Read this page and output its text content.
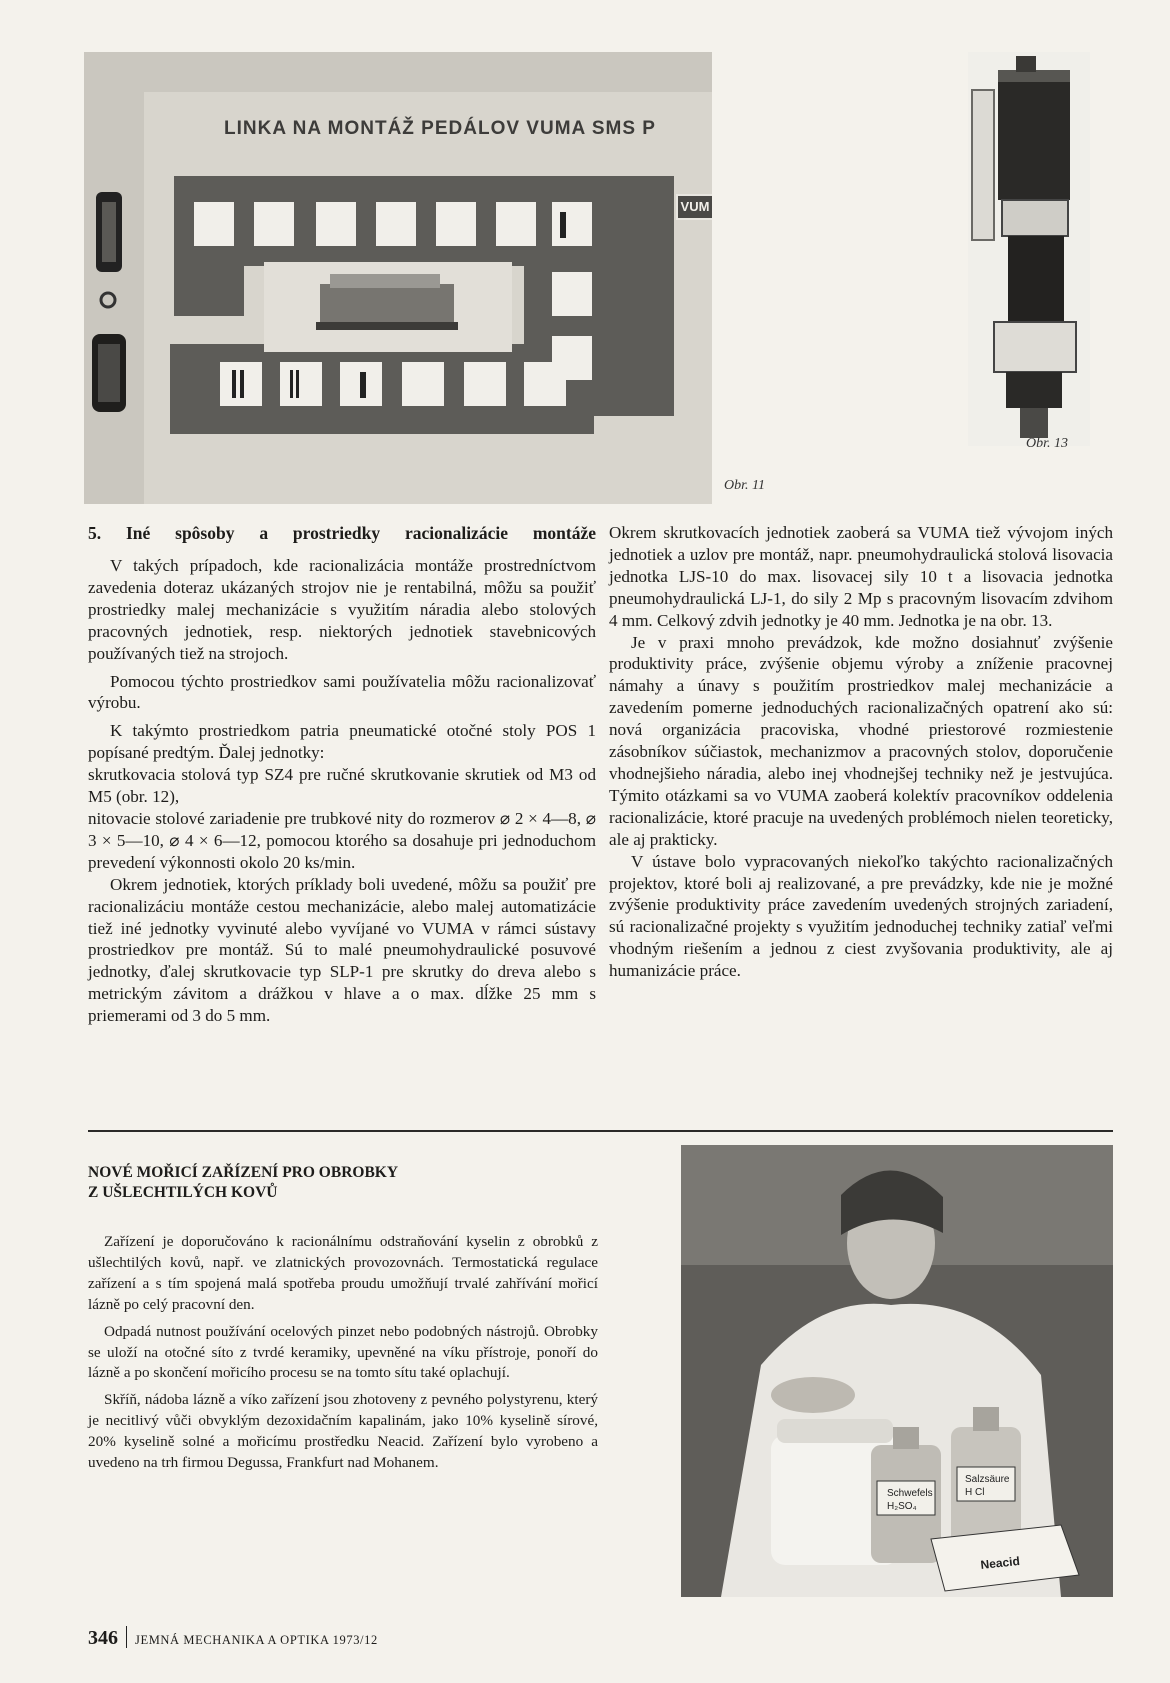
LINKA NA MONTÁŽ PEDÁLOV VUMA SMS P
VUM
Obr. 11
Obr. 13
5. Iné spôsoby a prostriedky racionalizácie montáže

V takých prípadoch, kde racionalizácia montáže prostredníctvom zavedenia doteraz ukázaných strojov nie je rentabilná, môžu sa použiť prostriedky malej mechanizácie s využitím náradia alebo stolových pracovných jednotiek, resp. niektorých jednotiek stavebnicových používaných tiež na strojoch.

Pomocou týchto prostriedkov sami používatelia môžu racionalizovať výrobu.

K takýmto prostriedkom patria pneumatické otočné stoly POS 1 popísané predtým. Ďalej jednotky:

skrutkovacia stolová typ SZ4 pre ručné skrutkovanie skrutiek od M3 od M5 (obr. 12),

nitovacie stolové zariadenie pre trubkové nity do rozmerov ⌀ 2 × 4—8, ⌀ 3 × 5—10, ⌀ 4 × 6—12, pomocou ktorého sa dosahuje pri jednoduchom prevedení výkonnosti okolo 20 ks/min.

Okrem jednotiek, ktorých príklady boli uvedené, môžu sa použiť pre racionalizáciu montáže cestou mechanizácie, alebo malej automatizácie tiež iné jednotky vyvinuté alebo vyvíjané vo VUMA v rámci sústavy prostriedkov pre montáž. Sú to malé pneumohydraulické posuvové jednotky, ďalej skrutkovacie typ SLP-1 pre skrutky do dreva alebo s metrickým závitom a drážkou v hlave a o max. dĺžke 25 mm s priemerami od 3 do 5 mm.

Okrem skrutkovacích jednotiek zaoberá sa VUMA tiež vývojom iných jednotiek a uzlov pre montáž, napr. pneumohydraulická stolová lisovacia jednotka LJS-10 do max. lisovacej sily 10 t a lisovacia jednotka pneumohydraulická LJ-1, do sily 2 Mp s pracovným lisovacím zdvihom 4 mm. Celkový zdvih jednotky je 40 mm. Jednotka je na obr. 13.

Je v praxi mnoho prevádzok, kde možno dosiahnuť zvýšenie produktivity práce, zvýšenie objemu výroby a zníženie pracovnej námahy a únavy s použitím prostriedkov malej mechanizácie a zavedením pomerne jednoduchých racionalizačných opatrení ako sú: nová organizácia pracoviska, vhodné priestorové rozmiestenie zásobníkov súčiastok, mechanizmov a pracovných stolov, doporučenie vhodnejšieho náradia, alebo inej vhodnejšej techniky než je jestvujúca. Týmito otázkami sa vo VUMA zaoberá kolektív pracovníkov oddelenia racionalizácie, ktoré pracuje na uvedených problémoch nielen teoreticky, ale aj prakticky.

V ústave bolo vypracovaných niekoľko takýchto racionalizačných projektov, ktoré boli aj realizované, a pre prevádzky, kde nie je možné zvýšenie produktivity práce zavedením uvedených strojných zariadení, sú racionalizačné projekty s využitím jednoduchej techniky zatiaľ veľmi vhodným riešením a jednou z ciest zvyšovania produktivity, ale aj humanizácie práce.

NOVÉ MOŘICÍ ZAŘÍZENÍ PRO OBROBKY
Z UŠLECHTILÝCH KOVŮ

Zařízení je doporučováno k racionálnímu odstraňování kyselin z obrobků z ušlechtilých kovů, např. ve zlatnických provozovnách. Termostatická regulace zařízení a s tím spojená malá spotřeba proudu umožňují trvalé zahřívání mořicí lázně po celý pracovní den.

Odpadá nutnost používání ocelových pinzet nebo podobných nástrojů. Obrobky se uloží na otočné síto z tvrdé keramiky, upevněné na víku přístroje, ponoří do lázně a po skončení mořicího procesu se na tomto sítu také oplachují.

Skříň, nádoba lázně a víko zařízení jsou zhotoveny z pevného polystyrenu, který je necitlivý vůči obvyklým dezoxidačním kapalinám, jako 10% kyselině sírové, 20% kyselině solné a mořicímu prostředku Neacid. Zařízení bylo vyrobeno a uvedeno na trh firmou Degussa, Frankfurt nad Mohanem.

Schwefels
H₂SO₄
Salzsäure
H Cl
Neacid
346 JEMNÁ MECHANIKA A OPTIKA 1973/12
